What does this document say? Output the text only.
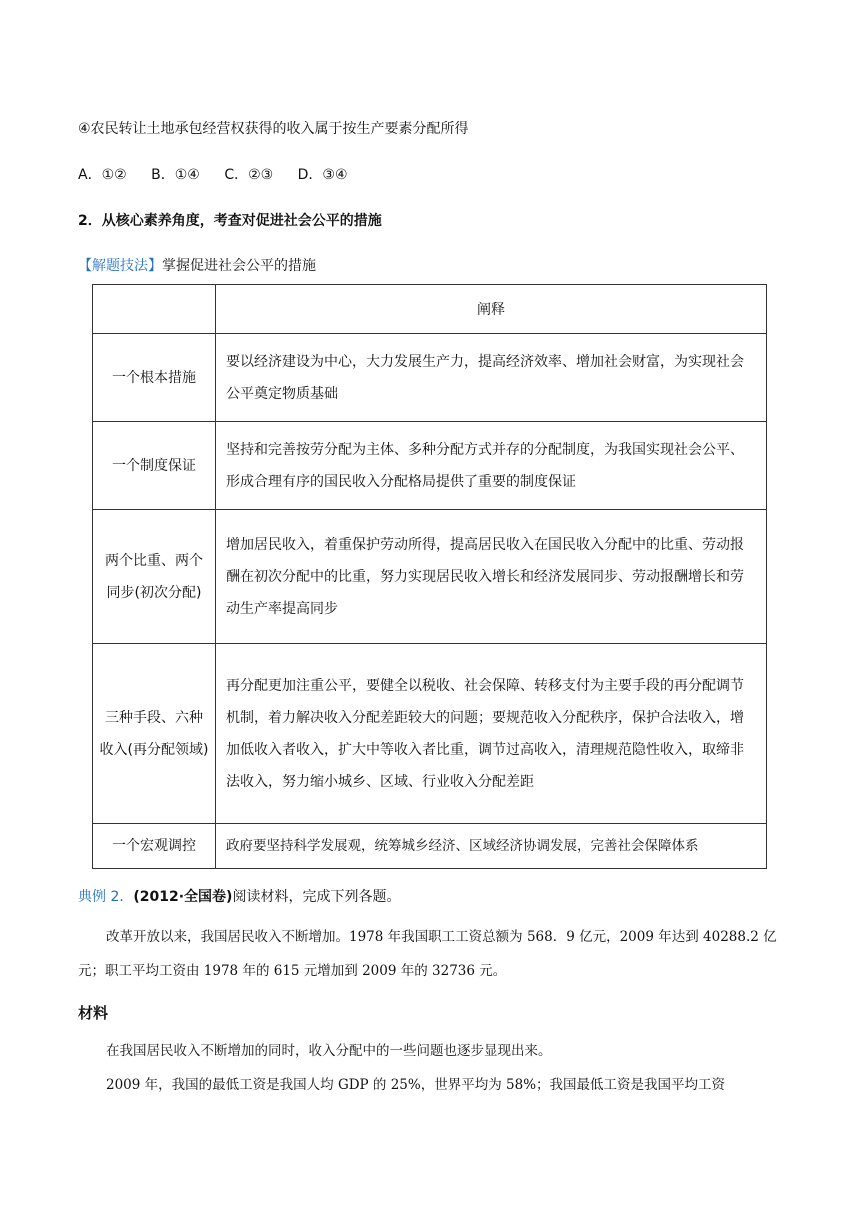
④农民转让土地承包经营权获得的收入属于按生产要素分配所得
A．①② B．①④ C．②③ D．③④
2．从核心素养角度，考查对促进社会公平的措施
【解题技法】掌握促进社会公平的措施
	阐释
一个根本措施	要以经济建设为中心，大力发展生产力，提高经济效率、增加社会财富，为实现社会公平奠定物质基础
一个制度保证	坚持和完善按劳分配为主体、多种分配方式并存的分配制度，为我国实现社会公平、形成合理有序的国民收入分配格局提供了重要的制度保证
两个比重、两个同步(初次分配)	增加居民收入，着重保护劳动所得，提高居民收入在国民收入分配中的比重、劳动报酬在初次分配中的比重，努力实现居民收入增长和经济发展同步、劳动报酬增长和劳动生产率提高同步
三种手段、六种收入(再分配领域)	再分配更加注重公平，要健全以税收、社会保障、转移支付为主要手段的再分配调节机制，着力解决收入分配差距较大的问题；要规范收入分配秩序，保护合法收入，增加低收入者收入，扩大中等收入者比重，调节过高收入，清理规范隐性收入，取缔非法收入，努力缩小城乡、区域、行业收入分配差距
一个宏观调控	政府要坚持科学发展观，统筹城乡经济、区域经济协调发展，完善社会保障体系
典例 2．(2012·全国卷)阅读材料，完成下列各题。
改革开放以来，我国居民收入不断增加。1978 年我国职工工资总额为 568．9 亿元，2009 年达到 40288.2 亿元；职工平均工资由 1978 年的 615 元增加到 2009 年的 32736 元。
材料
在我国居民收入不断增加的同时，收入分配中的一些问题也逐步显现出来。
2009 年，我国的最低工资是我国人均 GDP 的 25%，世界平均为 58%；我国最低工资是我国平均工资
